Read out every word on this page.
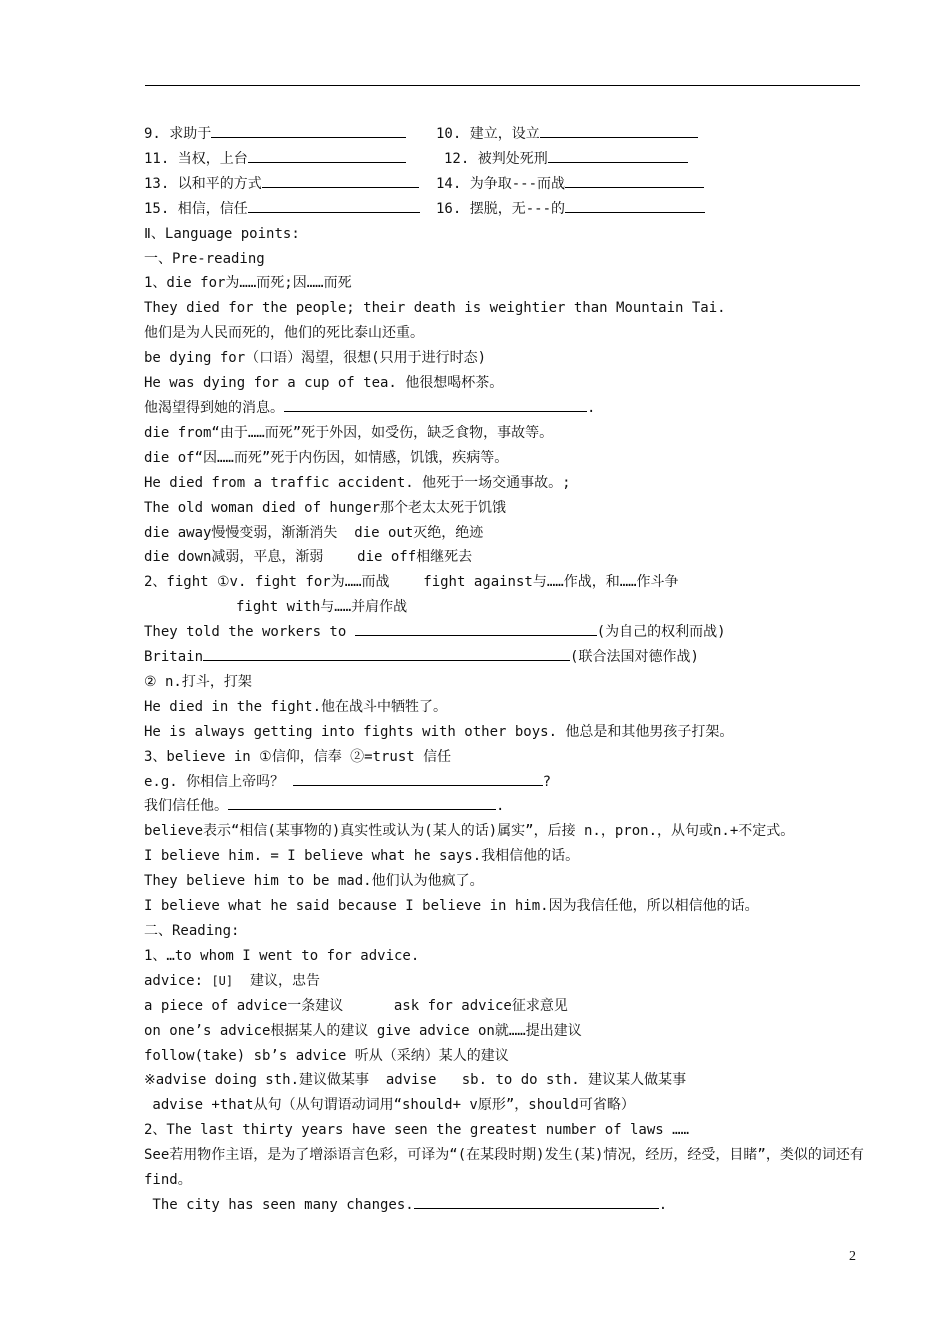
9. 求助于	10. 建立，设立
11. 当权，上台	12. 被判处死刑
13. 以和平的方式	14. 为争取---而战
15. 相信，信任	16. 摆脱，无---的
Ⅱ、Language points:
一、Pre-reading
1、die for为……而死;因……而死
They died for the people; their death is weightier than Mountain Tai.
他们是为人民而死的，他们的死比泰山还重。
be dying for（口语）渴望，很想(只用于进行时态)
He was dying for a cup of tea. 他很想喝杯茶。
他渴望得到她的消息。	.
die from“由于……而死”死于外因，如受伤，缺乏食物，事故等。
die of“因……而死”死于内伤因，如情感，饥饿，疾病等。
He died from a traffic accident. 他死于一场交通事故。;
The old woman died of hunger那个老太太死于饥饿
die away慢慢变弱，渐渐消失  die out灭绝，绝迹
die down减弱，平息，渐弱    die off相继死去
2、fight ①v. fight for为……而战    fight against与……作战，和……作斗争
fight with与……并肩作战
They told the workers to	(为自己的权利而战)
Britain	(联合法国对德作战)
② n.打斗，打架
He died in the fight.他在战斗中牺牲了。
He is always getting into fights with other boys. 他总是和其他男孩子打架。
3、believe in ①信仰，信奉 ②=trust 信任
e.g. 你相信上帝吗？	?
我们信任他。	.
believe表示“相信(某事物的)真实性或认为(某人的话)属实”，后接 n.，pron.，从句或n.+不定式。
I believe him. = I believe what he says.我相信他的话。
They believe him to be mad.他们认为他疯了。
I believe what he said because I believe in him.因为我信任他，所以相信他的话。
二、Reading:
1、…to whom I went to for advice.
advice: [U] 建议，忠告
a piece of advice一条建议      ask for advice征求意见
on one’s advice根据某人的建议 give advice on就……提出建议
follow(take) sb’s advice 听从（采纳）某人的建议
※advise doing sth.建议做某事  advise   sb. to do sth. 建议某人做某事
advise +that从句（从句谓语动词用“should+ v原形”，should可省略）
2、The last thirty years have seen the greatest number of laws ……
See若用物作主语，是为了增添语言色彩，可译为“(在某段时期)发生(某)情况，经历，经受，目睹”，类似的词还有find。
The city has seen many changes.	.
2
